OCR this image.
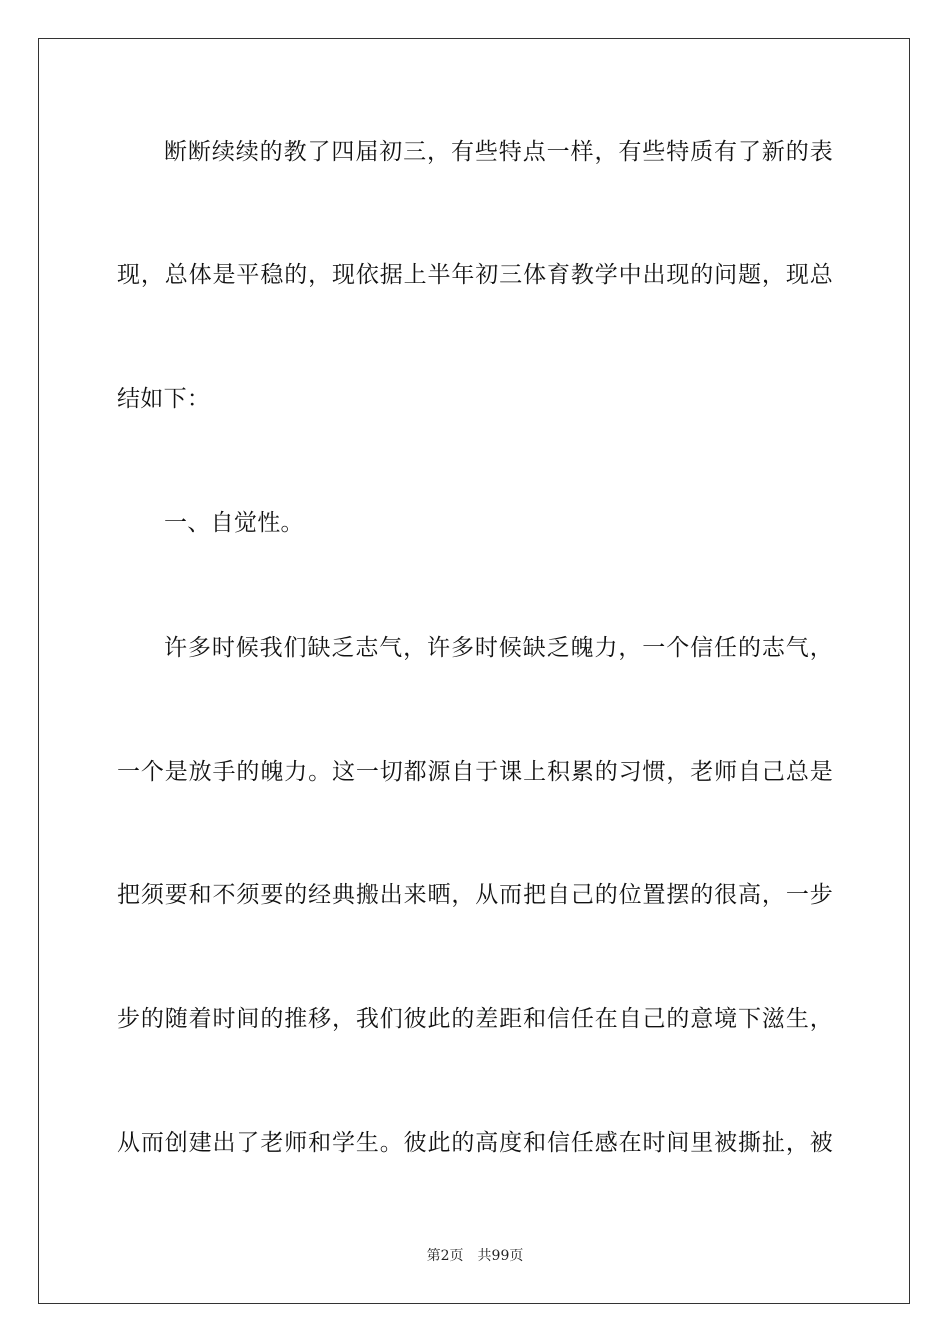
断断续续的教了四届初三，有些特点一样，有些特质有了新的表
现，总体是平稳的，现依据上半年初三体育教学中出现的问题，现总
结如下：
一、自觉性。
许多时候我们缺乏志气，许多时候缺乏魄力，一个信任的志气，
一个是放手的魄力。这一切都源自于课上积累的习惯，老师自己总是
把须要和不须要的经典搬出来晒，从而把自己的位置摆的很高，一步
步的随着时间的推移，我们彼此的差距和信任在自己的意境下滋生，
从而创建出了老师和学生。彼此的高度和信任感在时间里被撕扯，被
第2页 共99页
